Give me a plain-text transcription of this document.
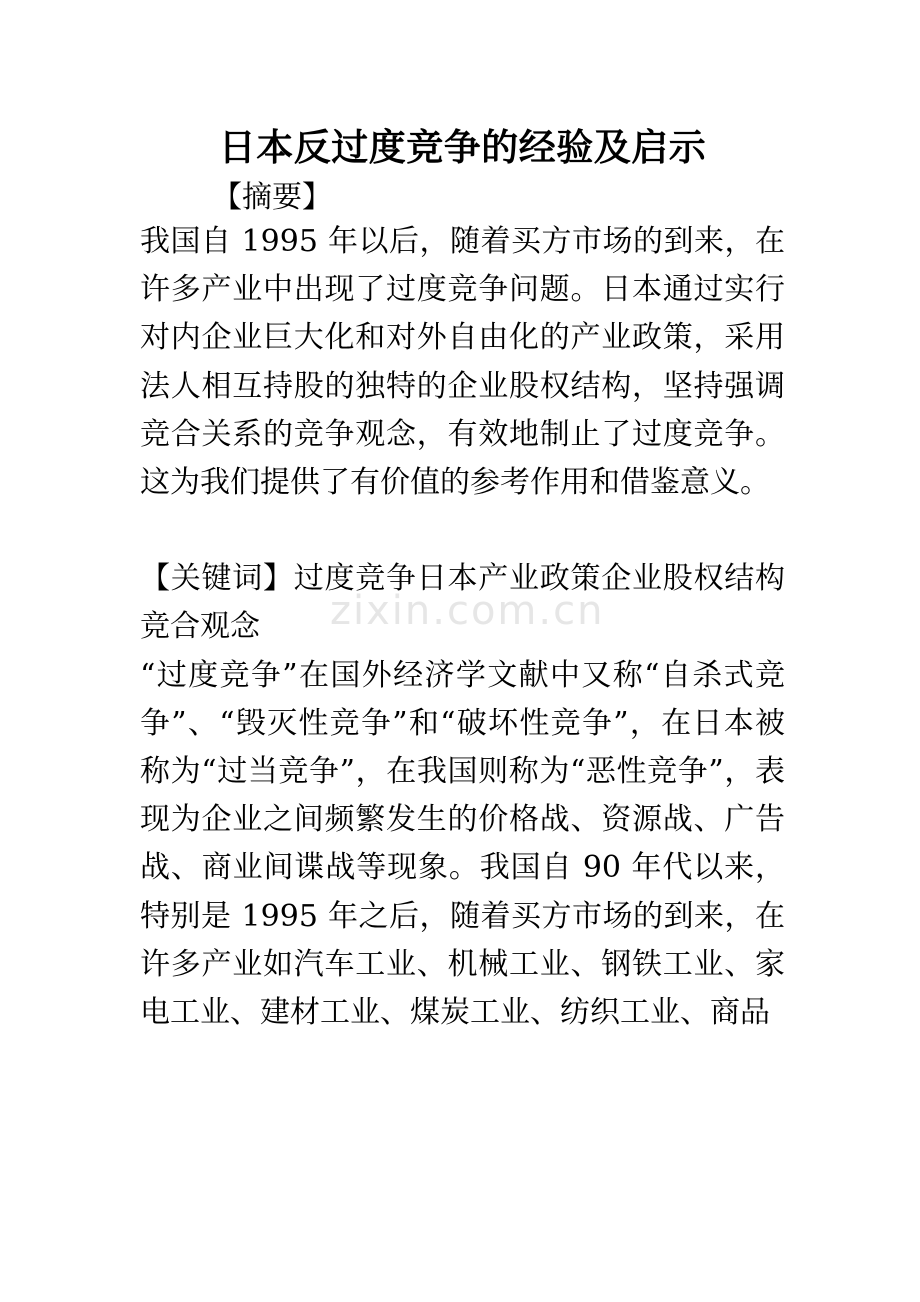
zixin.com.cn
日本反过度竞争的经验及启示

【摘要】

我国自 1995 年以后，随着买方市场的到来，在许多产业中出现了过度竞争问题。日本通过实行对内企业巨大化和对外自由化的产业政策，采用法人相互持股的独特的企业股权结构，坚持强调竞合关系的竞争观念，有效地制止了过度竞争。这为我们提供了有价值的参考作用和借鉴意义。

【关键词】过度竞争日本产业政策企业股权结构竞合观念

“过度竞争”在国外经济学文献中又称“自杀式竞争”、“毁灭性竞争”和“破坏性竞争”，在日本被称为“过当竞争”，在我国则称为“恶性竞争”，表现为企业之间频繁发生的价格战、资源战、广告战、商业间谍战等现象。我国自 90 年代以来，特别是 1995 年之后，随着买方市场的到来，在许多产业如汽车工业、机械工业、钢铁工业、家电工业、建材工业、煤炭工业、纺织工业、商品
